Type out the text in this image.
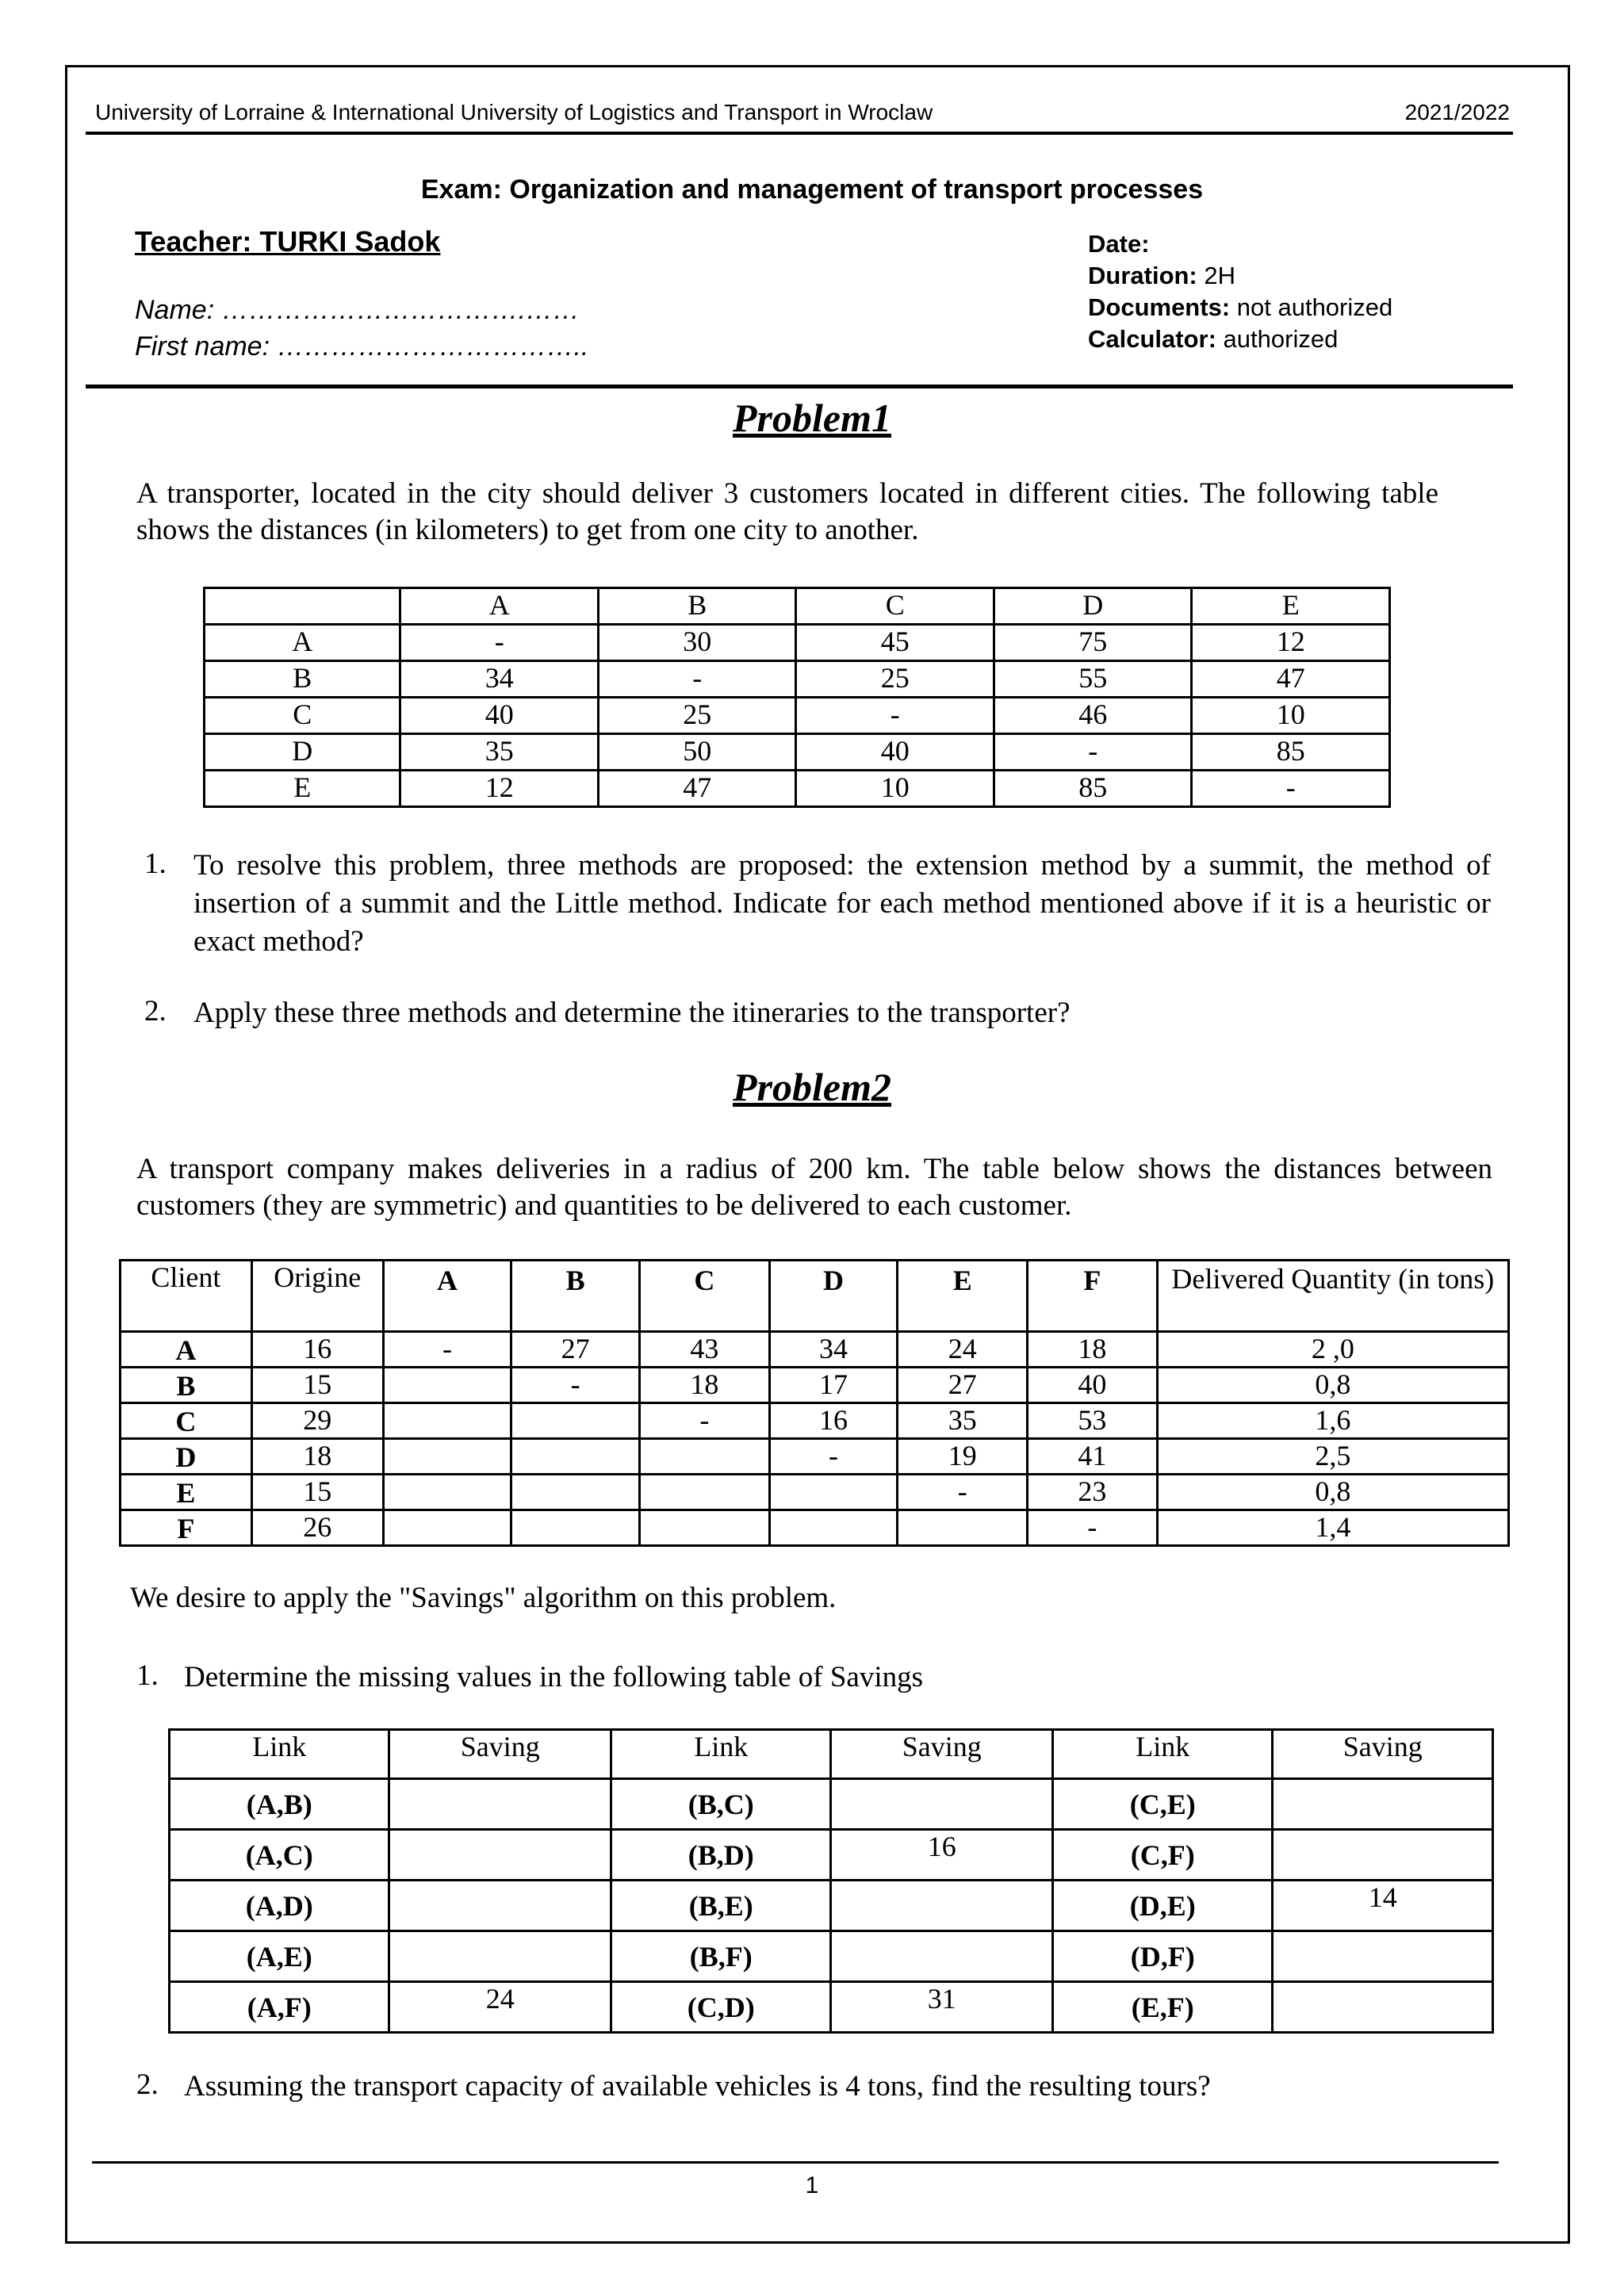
University of Lorraine & International University of Logistics and Transport in Wroclaw	2021/2022
Exam: Organization and management of transport processes
Teacher: TURKI Sadok
Name: …………………………….……
First name: ……………………………..
Date:
Duration: 2H
Documents: not authorized
Calculator: authorized
Problem1
A transporter, located in the city should deliver 3 customers located in different cities. The following table shows the distances (in kilometers) to get from one city to another.
	A	B	C	D	E
A	-	30	45	75	12
B	34	-	25	55	47
C	40	25	-	46	10
D	35	50	40	-	85
E	12	47	10	85	-
1. To resolve this problem, three methods are proposed: the extension method by a summit, the method of insertion of a summit and the Little method. Indicate for each method mentioned above if it is a heuristic or exact method?
2. Apply these three methods and determine the itineraries to the transporter?
Problem2
A transport company makes deliveries in a radius of 200 km. The table below shows the distances between customers (they are symmetric) and quantities to be delivered to each customer.
Client	Origine	A	B	C	D	E	F	Delivered Quantity (in tons)
A	16	-	27	43	34	24	18	2 ,0
B	15		-	18	17	27	40	0,8
C	29			-	16	35	53	1,6
D	18				-	19	41	2,5
E	15					-	23	0,8
F	26						-	1,4
We desire to apply the "Savings" algorithm on this problem.
1. Determine the missing values in the following table of Savings
Link	Saving	Link	Saving	Link	Saving
(A,B)		(B,C)		(C,E)	
(A,C)		(B,D)	16	(C,F)	
(A,D)		(B,E)		(D,E)	14
(A,E)		(B,F)		(D,F)	
(A,F)	24	(C,D)	31	(E,F)	
2. Assuming the transport capacity of available vehicles is 4 tons, find the resulting tours?
1
